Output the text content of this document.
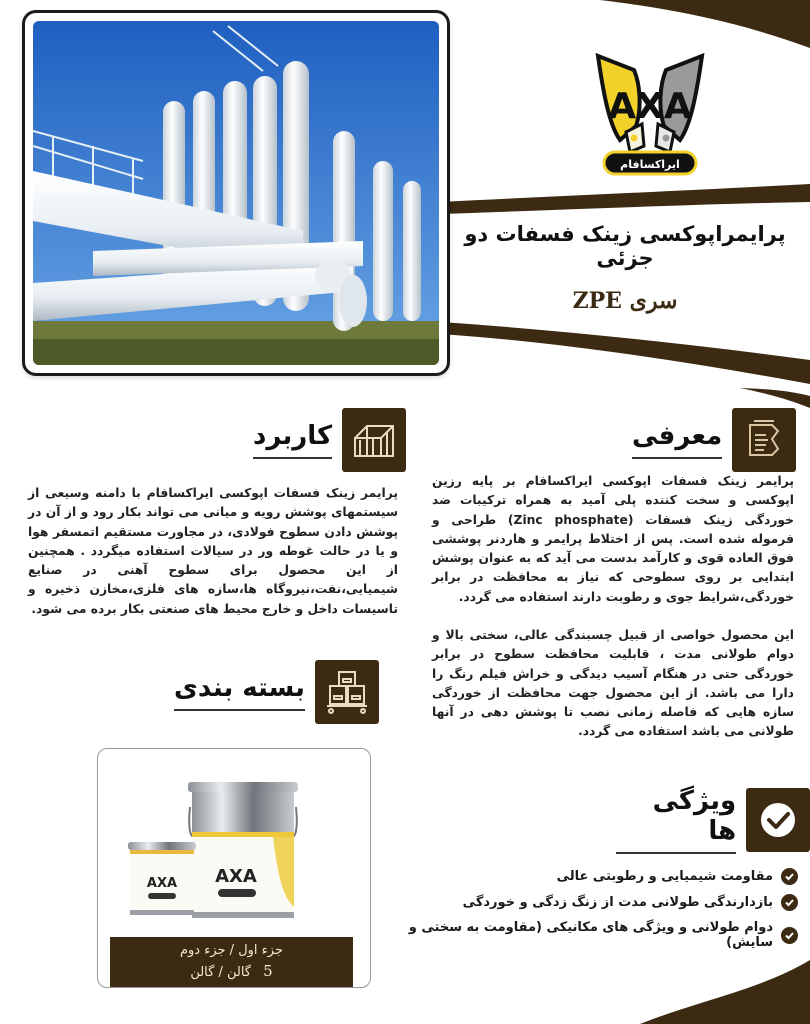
AXA
ایراکسافام
پرایمراپوکسی زینک فسفات دو جزئی
سری ZPE
معرفی
پرایمر زینک فسفات اپوکسی ایراکسافام بر پایه رزین اپوکسی و سخت کننده پلی آمید به همراه ترکیبات ضد خوردگی زینک فسفات (Zinc phosphate) طراحی و فرموله شده است. پس از اختلاط پرایمر و هاردنر پوششی فوق العاده قوی و کارآمد بدست می آید که به عنوان پوشش ابتدایی بر روی سطوحی که نیاز به محافظت در برابر خوردگی،شرایط جوی و رطوبت دارند استفاده می گردد.
این محصول خواصی از قبیل چسبندگی عالی، سختی بالا و دوام طولانی مدت ، قابلیت محافظت سطوح در برابر خوردگی حتی در هنگام آسیب دیدگی و خراش فیلم رنگ را دارا می باشد. از این محصول جهت محافظت از خوردگی سازه هایی که فاصله زمانی نصب تا پوشش دهی در آنها طولانی می باشد استفاده می گردد.
کاربرد
پرایمر زینک فسفات اپوکسی ایراکسافام با دامنه وسیعی از سیستمهای پوشش رویه و میانی می تواند بکار رود و از آن در پوشش دادن سطوح فولادی، در مجاورت مستقیم اتمسفر هوا و یا در حالت غوطه ور در سیالات استفاده میگردد . همچنین از این محصول برای سطوح آهنی در صنایع شیمیایی،نفت،نیروگاه ها،سازه های فلزی،مخازن ذخیره و تاسیسات داخل و خارج محیط های صنعتی بکار برده می شود.
بسته بندی
AXA
AXA
جزء اول / جزء دوم
5 گالن / گالن
ویژگی ها
مقاومت شیمیایی و رطوبتی عالی
بازدارندگی طولانی مدت از زنگ زدگی و خوردگی
دوام طولانی و ویژگی های مکانیکی (مقاومت به سختی و سایش)
